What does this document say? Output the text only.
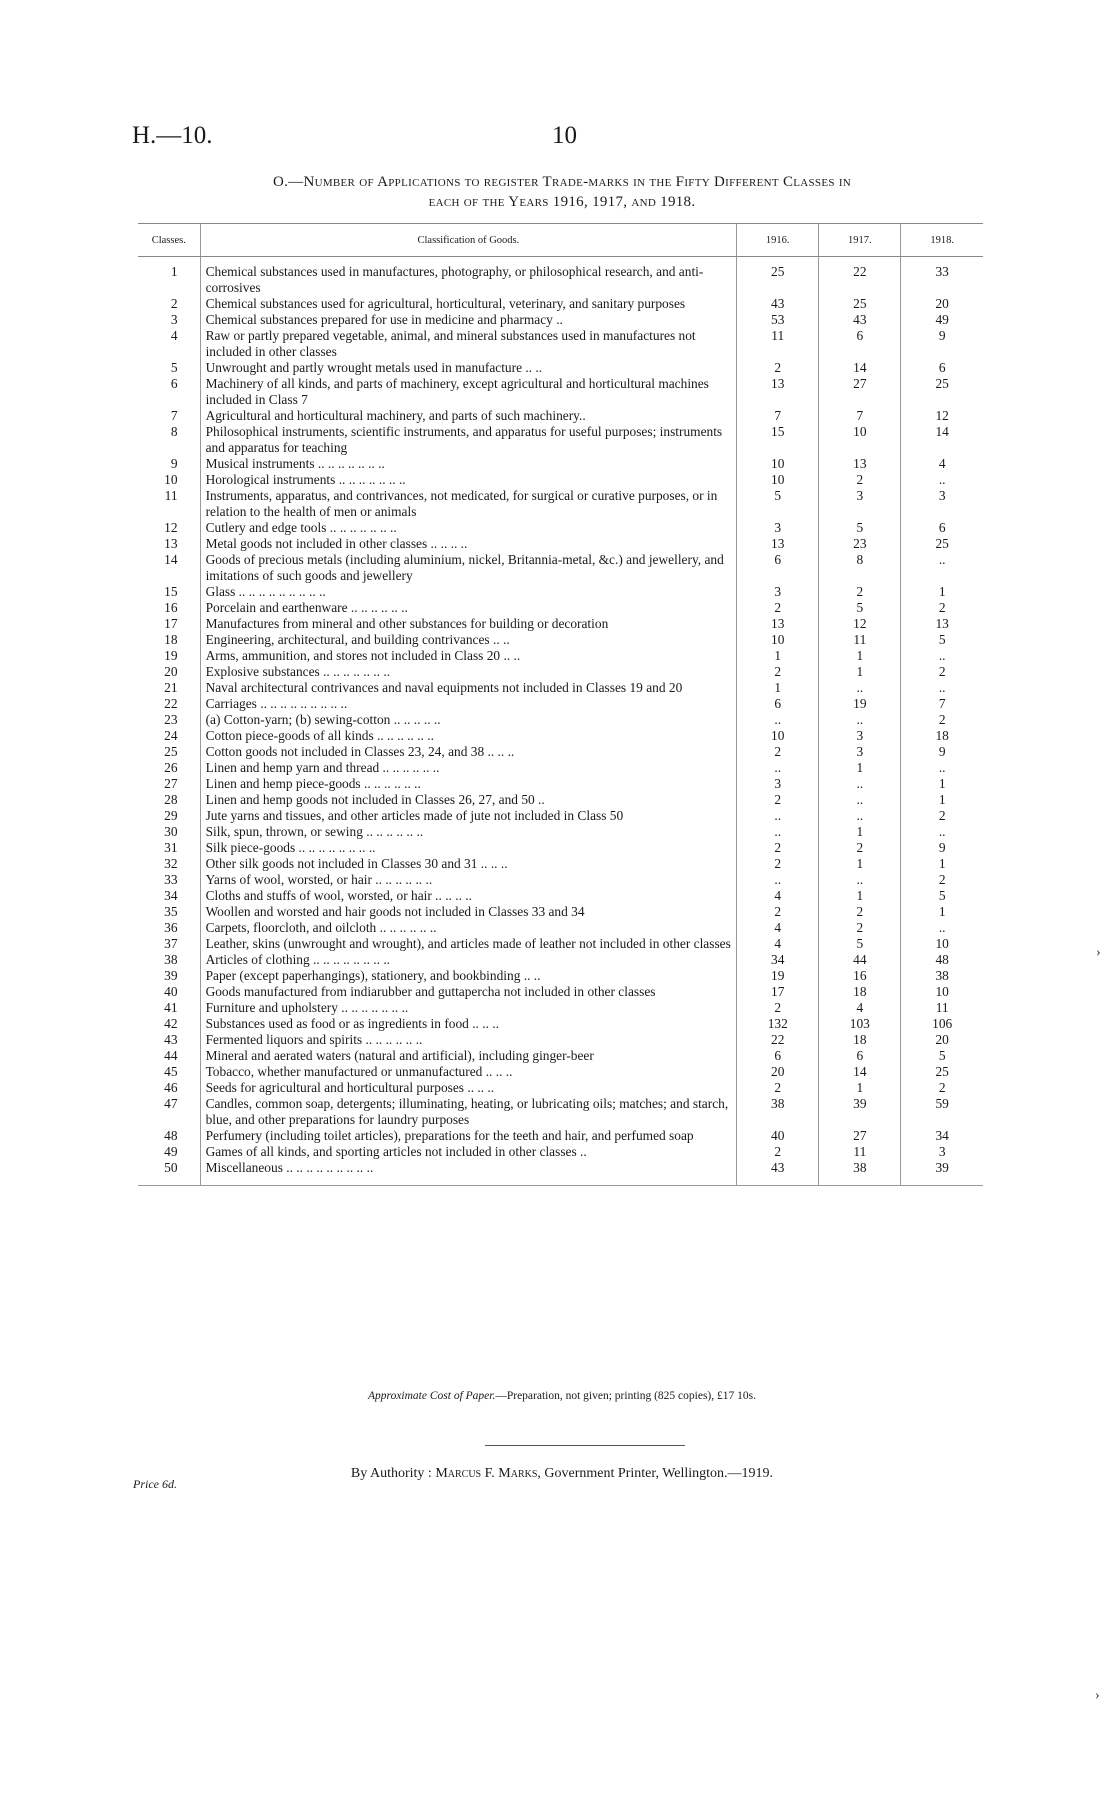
H.—10.	10
O.—Number of Applications to register Trade-marks in the Fifty Different Classes in
each of the Years 1916, 1917, and 1918.
Classes.	Classification of Goods.	1916.	1917.	1918.
1	Chemical substances used in manufactures, photography, or philosophical research, and anti-corrosives	25	22	33
2	Chemical substances used for agricultural, horticultural, veterinary, and sanitary purposes	43	25	20
3	Chemical substances prepared for use in medicine and pharmacy ..	53	43	49
4	Raw or partly prepared vegetable, animal, and mineral substances used in manufactures not included in other classes	11	6	9
5	Unwrought and partly wrought metals used in manufacture .. ..	2	14	6
6	Machinery of all kinds, and parts of machinery, except agricultural and horticultural machines included in Class 7	13	27	25
7	Agricultural and horticultural machinery, and parts of such machinery..	7	7	12
8	Philosophical instruments, scientific instruments, and apparatus for useful purposes; instruments and apparatus for teaching	15	10	14
9	Musical instruments .. .. .. .. .. .. ..	10	13	4
10	Horological instruments .. .. .. .. .. .. ..	10	2	..
11	Instruments, apparatus, and contrivances, not medicated, for surgical or curative purposes, or in relation to the health of men or animals	5	3	3
12	Cutlery and edge tools .. .. .. .. .. .. ..	3	5	6
13	Metal goods not included in other classes .. .. .. ..	13	23	25
14	Goods of precious metals (including aluminium, nickel, Britannia-metal, &c.) and jewellery, and imitations of such goods and jewellery	6	8	..
15	Glass .. .. .. .. .. .. .. .. ..	3	2	1
16	Porcelain and earthenware .. .. .. .. .. ..	2	5	2
17	Manufactures from mineral and other substances for building or decoration	13	12	13
18	Engineering, architectural, and building contrivances .. ..	10	11	5
19	Arms, ammunition, and stores not included in Class 20 .. ..	1	1	..
20	Explosive substances .. .. .. .. .. .. ..	2	1	2
21	Naval architectural contrivances and naval equipments not included in Classes 19 and 20	1	..	..
22	Carriages .. .. .. .. .. .. .. .. ..	6	19	7
23	(a) Cotton-yarn; (b) sewing-cotton .. .. .. .. ..	..	..	2
24	Cotton piece-goods of all kinds .. .. .. .. .. ..	10	3	18
25	Cotton goods not included in Classes 23, 24, and 38 .. .. ..	2	3	9
26	Linen and hemp yarn and thread .. .. .. .. .. ..	..	1	..
27	Linen and hemp piece-goods .. .. .. .. .. ..	3	..	1
28	Linen and hemp goods not included in Classes 26, 27, and 50 ..	2	..	1
29	Jute yarns and tissues, and other articles made of jute not included in Class 50	..	..	2
30	Silk, spun, thrown, or sewing .. .. .. .. .. ..	..	1	..
31	Silk piece-goods .. .. .. .. .. .. .. ..	2	2	9
32	Other silk goods not included in Classes 30 and 31 .. .. ..	2	1	1
33	Yarns of wool, worsted, or hair .. .. .. .. .. ..	..	..	2
34	Cloths and stuffs of wool, worsted, or hair .. .. .. ..	4	1	5
35	Woollen and worsted and hair goods not included in Classes 33 and 34	2	2	1
36	Carpets, floorcloth, and oilcloth .. .. .. .. .. ..	4	2	..
37	Leather, skins (unwrought and wrought), and articles made of leather not included in other classes	4	5	10
38	Articles of clothing .. .. .. .. .. .. .. ..	34	44	48
39	Paper (except paperhangings), stationery, and bookbinding .. ..	19	16	38
40	Goods manufactured from indiarubber and guttapercha not included in other classes	17	18	10
41	Furniture and upholstery .. .. .. .. .. .. ..	2	4	11
42	Substances used as food or as ingredients in food .. .. ..	132	103	106
43	Fermented liquors and spirits .. .. .. .. .. ..	22	18	20
44	Mineral and aerated waters (natural and artificial), including ginger-beer	6	6	5
45	Tobacco, whether manufactured or unmanufactured .. .. ..	20	14	25
46	Seeds for agricultural and horticultural purposes .. .. ..	2	1	2
47	Candles, common soap, detergents; illuminating, heating, or lubricating oils; matches; and starch, blue, and other preparations for laundry purposes	38	39	59
48	Perfumery (including toilet articles), preparations for the teeth and hair, and perfumed soap	40	27	34
49	Games of all kinds, and sporting articles not included in other classes ..	2	11	3
50	Miscellaneous .. .. .. .. .. .. .. .. ..	43	38	39
Approximate Cost of Paper.—Preparation, not given; printing (825 copies), £17 10s.
Price 6d.
By Authority : Marcus F. Marks, Government Printer, Wellington.—1919.
›
›
